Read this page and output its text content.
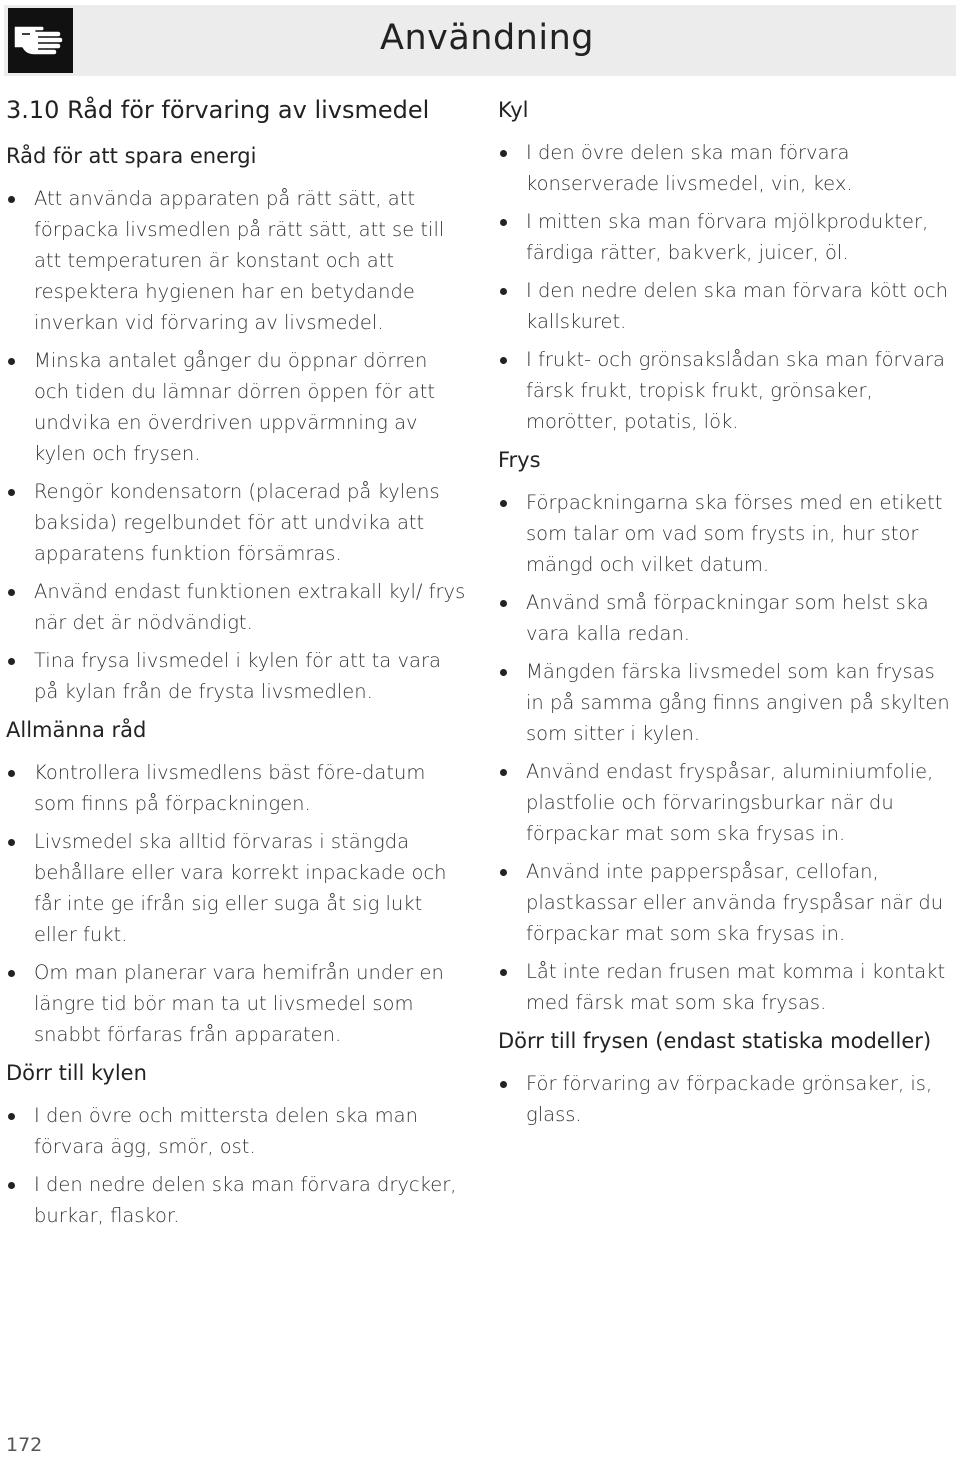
Användning
3.10 Råd för förvaring av livsmedel
Råd för att spara energi
Att använda apparaten på rätt sätt, att förpacka livsmedlen på rätt sätt, att se till att temperaturen är konstant och att respektera hygienen har en betydande inverkan vid förvaring av livsmedel.
Minska antalet gånger du öppnar dörren och tiden du lämnar dörren öppen för att undvika en överdriven uppvärmning av kylen och frysen.
Rengör kondensatorn (placerad på kylens baksida) regelbundet för att undvika att apparatens funktion försämras.
Använd endast funktionen extrakall kyl/ frys när det är nödvändigt.
Tina frysa livsmedel i kylen för att ta vara på kylan från de frysta livsmedlen.
Allmänna råd
Kontrollera livsmedlens bäst före-datum som finns på förpackningen.
Livsmedel ska alltid förvaras i stängda behållare eller vara korrekt inpackade och får inte ge ifrån sig eller suga åt sig lukt eller fukt.
Om man planerar vara hemifrån under en längre tid bör man ta ut livsmedel som snabbt förfaras från apparaten.
Dörr till kylen
I den övre och mittersta delen ska man förvara ägg, smör, ost.
I den nedre delen ska man förvara drycker, burkar, flaskor.
Kyl
I den övre delen ska man förvara konserverade livsmedel, vin, kex.
I mitten ska man förvara mjölkprodukter, färdiga rätter, bakverk, juicer, öl.
I den nedre delen ska man förvara kött och kallskuret.
I frukt- och grönsakslådan ska man förvara färsk frukt, tropisk frukt, grönsaker, morötter, potatis, lök.
Frys
Förpackningarna ska förses med en etikett som talar om vad som frysts in, hur stor mängd och vilket datum.
Använd små förpackningar som helst ska vara kalla redan.
Mängden färska livsmedel som kan frysas in på samma gång finns angiven på skylten som sitter i kylen.
Använd endast fryspåsar, aluminiumfolie, plastfolie och förvaringsburkar när du förpackar mat som ska frysas in.
Använd inte papperspåsar, cellofan, plastkassar eller använda fryspåsar när du förpackar mat som ska frysas in.
Låt inte redan frusen mat komma i kontakt med färsk mat som ska frysas.
Dörr till frysen (endast statiska modeller)
För förvaring av förpackade grönsaker, is, glass.
172
